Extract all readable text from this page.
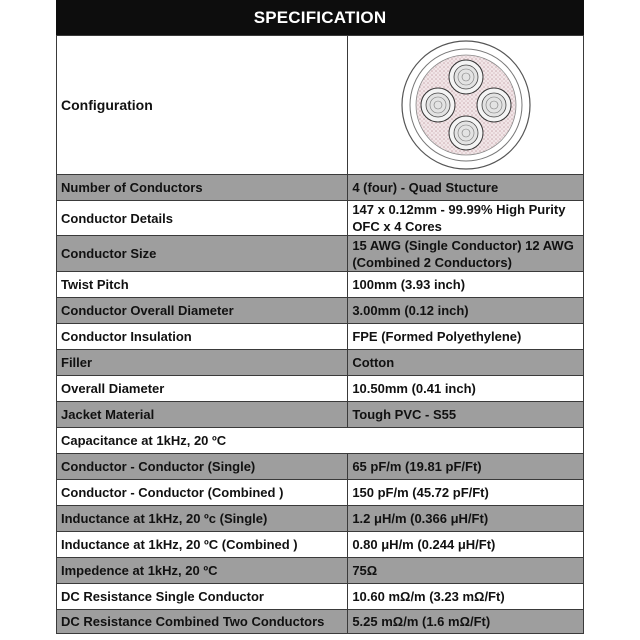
SPECIFICATION
Configuration	

Number of Conductors	4 (four) - Quad Stucture
Conductor Details	147 x 0.12mm - 99.99% High Purity OFC x 4 Cores
Conductor Size	15 AWG (Single Conductor) 12 AWG (Combined 2 Conductors)
Twist Pitch	100mm (3.93 inch)
Conductor Overall Diameter	3.00mm (0.12 inch)
Conductor Insulation	FPE (Formed Polyethylene)
Filler	Cotton
Overall Diameter	10.50mm (0.41 inch)
Jacket Material	Tough PVC - S55
Capacitance at 1kHz, 20 ºC	
Conductor - Conductor (Single)	65 pF/m (19.81 pF/Ft)
Conductor - Conductor (Combined )	150 pF/m (45.72 pF/Ft)
Inductance at 1kHz, 20 ºc (Single)	1.2 μH/m (0.366 μH/Ft)
Inductance at 1kHz, 20 ºC (Combined )	0.80 μH/m (0.244 μH/Ft)
Impedence at 1kHz, 20 ºC	75Ω
DC Resistance Single Conductor	10.60 mΩ/m (3.23 mΩ/Ft)
DC Resistance Combined Two Conductors	5.25 mΩ/m (1.6 mΩ/Ft)
